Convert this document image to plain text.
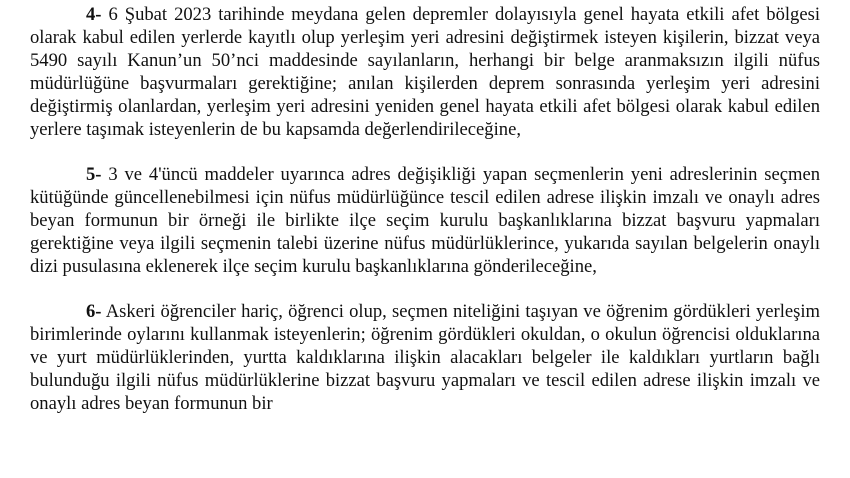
4- 6 Şubat 2023 tarihinde meydana gelen depremler dolayısıyla genel hayata etkili afet bölgesi olarak kabul edilen yerlerde kayıtlı olup yerleşim yeri adresini değiştirmek isteyen kişilerin, bizzat veya 5490 sayılı Kanun’un 50’nci maddesinde sayılanların, herhangi bir belge aranmaksızın ilgili nüfus müdürlüğüne başvurmaları gerektiğine; anılan kişilerden deprem sonrasında yerleşim yeri adresini değiştirmiş olanlardan, yerleşim yeri adresini yeniden genel hayata etkili afet bölgesi olarak kabul edilen yerlere taşımak isteyenlerin de bu kapsamda değerlendirileceğine,

5- 3 ve 4'üncü maddeler uyarınca adres değişikliği yapan seçmenlerin yeni adreslerinin seçmen kütüğünde güncellenebilmesi için nüfus müdürlüğünce tescil edilen adrese ilişkin imzalı ve onaylı adres beyan formunun bir örneği ile birlikte ilçe seçim kurulu başkanlıklarına bizzat başvuru yapmaları gerektiğine veya ilgili seçmenin talebi üzerine nüfus müdürlüklerince, yukarıda sayılan belgelerin onaylı dizi pusulasına eklenerek ilçe seçim kurulu başkanlıklarına gönderileceğine,

6- Askeri öğrenciler hariç, öğrenci olup, seçmen niteliğini taşıyan ve öğrenim gördükleri yerleşim birimlerinde oylarını kullanmak isteyenlerin; öğrenim gördükleri okuldan, o okulun öğrencisi olduklarına ve yurt müdürlüklerinden, yurtta kaldıklarına ilişkin alacakları belgeler ile kaldıkları yurtların bağlı bulunduğu ilgili nüfus müdürlüklerine bizzat başvuru yapmaları ve tescil edilen adrese ilişkin imzalı ve onaylı adres beyan formunun bir
